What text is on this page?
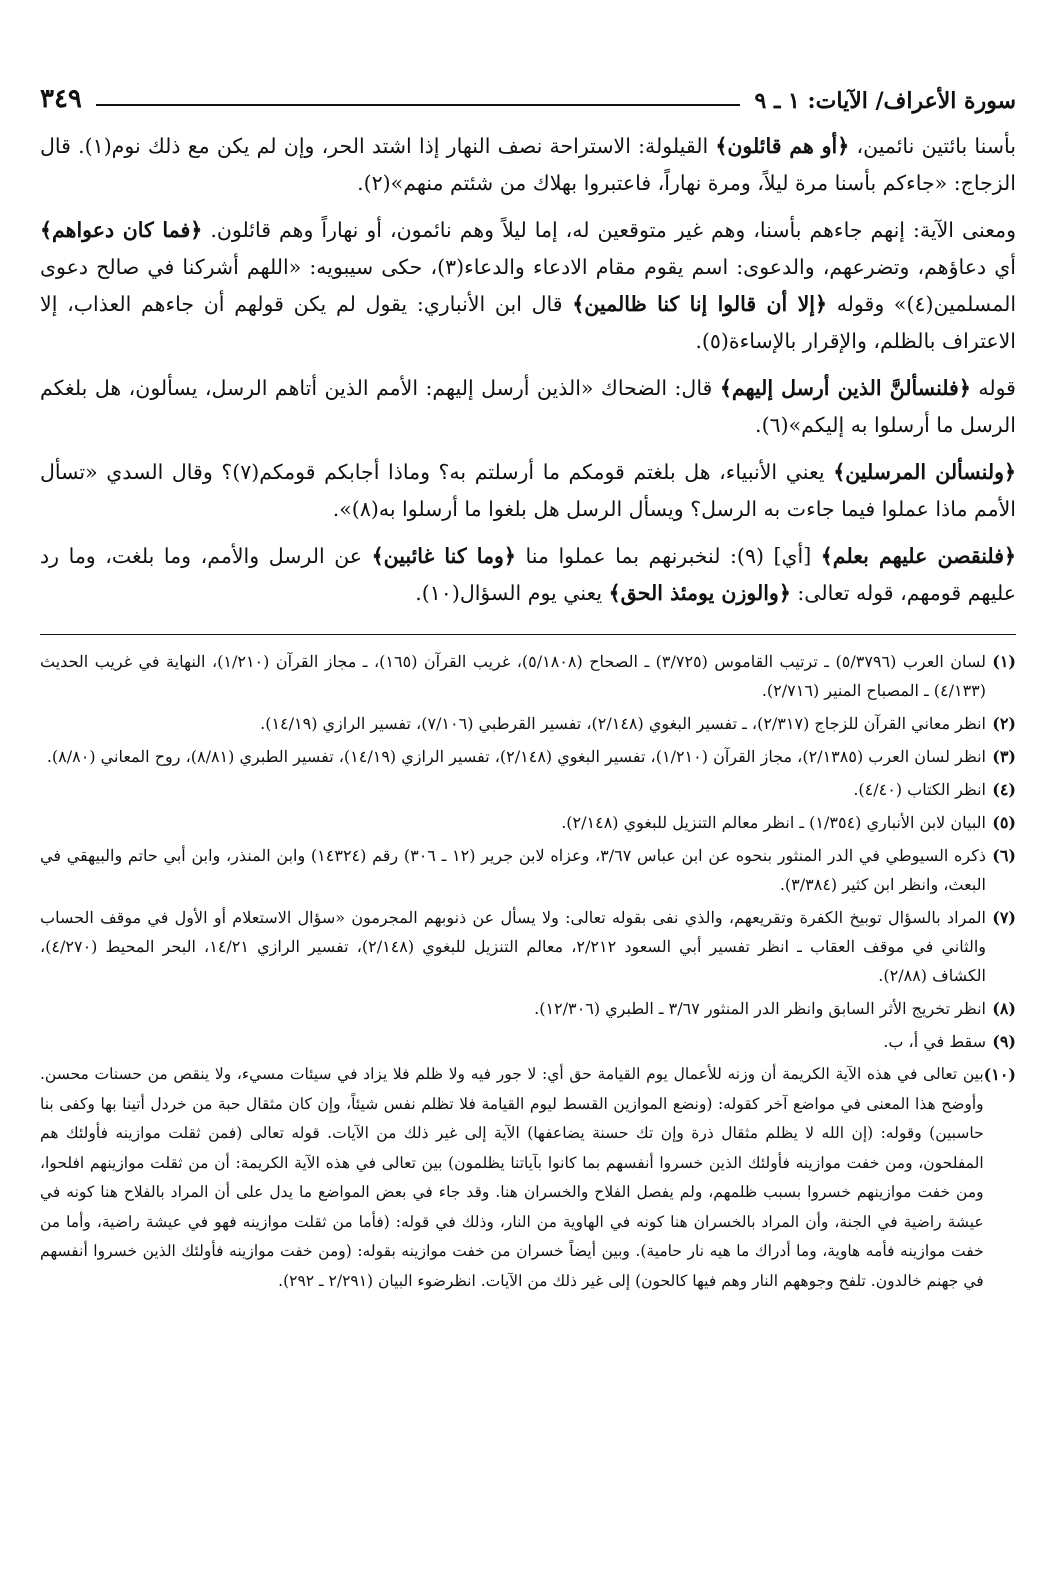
سورة الأعراف/ الآيات: ١ ـ ٩
٣٤٩

بأسنا بائتين نائمين، ﴿أو هم قائلون﴾ القيلولة: الاستراحة نصف النهار إذا اشتد الحر، وإن لم يكن مع ذلك نوم(١). قال الزجاج: «جاءكم بأسنا مرة ليلاً، ومرة نهاراً، فاعتبروا بهلاك من شئتم منهم»(٢).

ومعنى الآية: إنهم جاءهم بأسنا، وهم غير متوقعين له، إما ليلاً وهم نائمون، أو نهاراً وهم قائلون. ﴿فما كان دعواهم﴾ أي دعاؤهم، وتضرعهم، والدعوى: اسم يقوم مقام الادعاء والدعاء(٣)، حكى سيبويه: «اللهم أشركنا في صالح دعوى المسلمين(٤)» وقوله ﴿إلا أن قالوا إنا كنا ظالمين﴾ قال ابن الأنباري: يقول لم يكن قولهم أن جاءهم العذاب، إلا الاعتراف بالظلم، والإقرار بالإساءة(٥).

قوله ﴿فلنسألنَّ الذين أرسل إليهم﴾ قال: الضحاك «الذين أرسل إليهم: الأمم الذين أتاهم الرسل، يسألون، هل بلغكم الرسل ما أرسلوا به إليكم»(٦).

﴿ولنسألن المرسلين﴾ يعني الأنبياء، هل بلغتم قومكم ما أرسلتم به؟ وماذا أجابكم قومكم(٧)؟ وقال السدي «تسأل الأمم ماذا عملوا فيما جاءت به الرسل؟ ويسأل الرسل هل بلغوا ما أرسلوا به(٨)».

﴿فلنقصن عليهم بعلم﴾ [أي] (٩): لنخبرنهم بما عملوا منا ﴿وما كنا غائبين﴾ عن الرسل والأمم، وما بلغت، وما رد عليهم قومهم، قوله تعالى: ﴿والوزن يومئذ الحق﴾ يعني يوم السؤال(١٠).

(١)
لسان العرب (٥/٣٧٩٦) ـ ترتيب القاموس (٣/٧٢٥) ـ الصحاح (٥/١٨٠٨)، غريب القرآن (١٦٥)، ـ مجاز القرآن (١/٢١٠)، النهاية في غريب الحديث (٤/١٣٣) ـ المصباح المنير (٢/٧١٦).
(٢)
انظر معاني القرآن للزجاج (٢/٣١٧)، ـ تفسير البغوي (٢/١٤٨)، تفسير القرطبي (٧/١٠٦)، تفسير الرازي (١٤/١٩).
(٣)
انظر لسان العرب (٢/١٣٨٥)، مجاز القرآن (١/٢١٠)، تفسير البغوي (٢/١٤٨)، تفسير الرازي (١٤/١٩)، تفسير الطبري (٨/٨١)، روح المعاني (٨/٨٠).
(٤)
انظر الكتاب (٤/٤٠).
(٥)
البيان لابن الأنباري (١/٣٥٤) ـ انظر معالم التنزيل للبغوي (٢/١٤٨).
(٦)
ذكره السيوطي في الدر المنثور بنحوه عن ابن عباس ٣/٦٧، وعزاه لابن جرير (١٢ ـ ٣٠٦) رقم (١٤٣٢٤) وابن المنذر، وابن أبي حاتم والبيهقي في البعث، وانظر ابن كثير (٣/٣٨٤).
(٧)
المراد بالسؤال توبيخ الكفرة وتقريعهم، والذي نفى بقوله تعالى: ولا يسأل عن ذنوبهم المجرمون «سؤال الاستعلام أو الأول في موقف الحساب والثاني في موقف العقاب ـ انظر تفسير أبي السعود ٢/٢١٢، معالم التنزيل للبغوي (٢/١٤٨)، تفسير الرازي ١٤/٢١، البحر المحيط (٤/٢٧٠)، الكشاف (٢/٨٨).
(٨)
انظر تخريج الأثر السابق وانظر الدر المنثور ٣/٦٧ ـ الطبري (١٢/٣٠٦).
(٩)
سقط في أ، ب.
(١٠)
بين تعالى في هذه الآية الكريمة أن وزنه للأعمال يوم القيامة حق أي: لا جور فيه ولا ظلم فلا يزاد في سيئات مسيء، ولا ينقص من حسنات محسن. وأوضح هذا المعنى في مواضع آخر كقوله: (ونضع الموازين القسط ليوم القيامة فلا تظلم نفس شيئاً، وإن كان مثقال حبة من خردل أتينا بها وكفى بنا حاسبين) وقوله: (إن الله لا يظلم مثقال ذرة وإن تك حسنة يضاعفها) الآية إلى غير ذلك من الآيات. قوله تعالى (فمن ثقلت موازينه فأولئك هم المفلحون، ومن خفت موازينه فأولئك الذين خسروا أنفسهم بما كانوا بآياتنا يظلمون) بين تعالى في هذه الآية الكريمة: أن من ثقلت موازينهم افلحوا، ومن خفت موازينهم خسروا بسبب ظلمهم، ولم يفصل الفلاح والخسران هنا. وقد جاء في بعض المواضع ما يدل على أن المراد بالفلاح هنا كونه في عيشة راضية في الجنة، وأن المراد بالخسران هنا كونه في الهاوية من النار، وذلك في قوله: (فأما من ثقلت موازينه فهو في عيشة راضية، وأما من خفت موازينه فأمه هاوية، وما أدراك ما هيه نار حامية). وبين أيضاً خسران من خفت موازينه بقوله: (ومن خفت موازينه فأولئك الذين خسروا أنفسهم في جهنم خالدون. تلفح وجوههم النار وهم فيها كالحون) إلى غير ذلك من الآيات. انظرضوء البيان (٢/٢٩١ ـ ٢٩٢).
